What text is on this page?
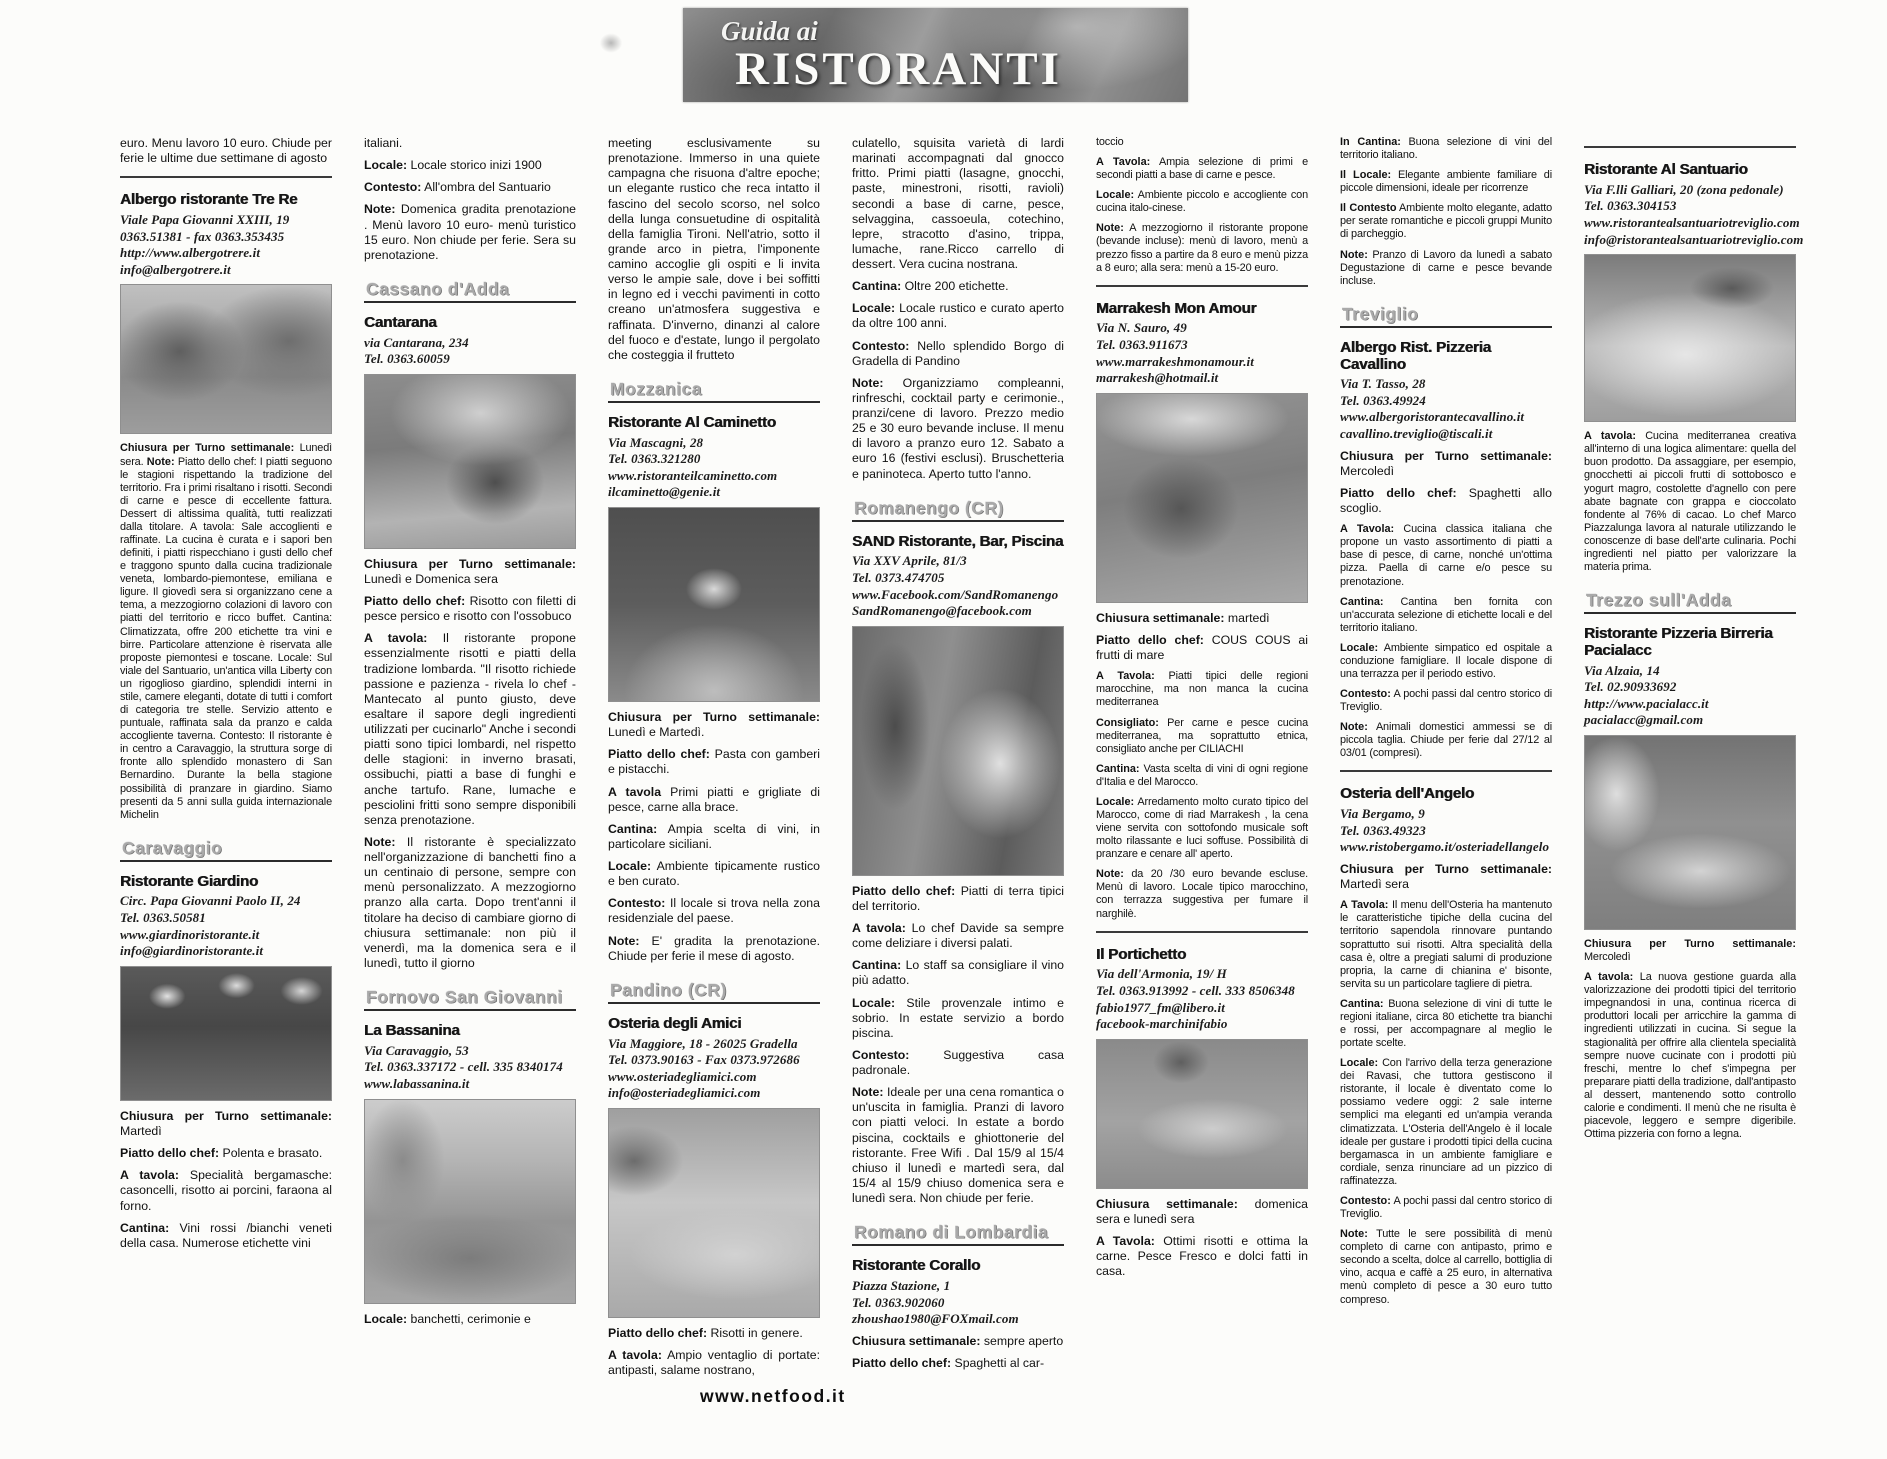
Guida ai
RISTORANTI

euro. Menu lavoro 10 euro. Chiude per ferie le ultime due settimane di agosto

Albergo ristorante Tre Re
Viale Papa Giovanni XXIII, 19
0363.51381 - fax 0363.353435
http://www.albergotrere.it
info@albergotrere.it

Chiusura per Turno settimanale: Lunedì sera. Note: Piatto dello chef: I piatti seguono le stagioni rispettando la tradizione del territorio. Fra i primi risaltano i risotti. Secondi di carne e pesce di eccellente fattura. Dessert di altissima qualità, tutti realizzati dalla titolare. A tavola: Sale accoglienti e raffinate. La cucina è curata e i sapori ben definiti, i piatti rispecchiano i gusti dello chef e traggono spunto dalla cucina tradizionale veneta, lombardo-piemontese, emiliana e ligure. Il giovedì sera si organizzano cene a tema, a mezzogiorno colazioni di lavoro con piatti del territorio e ricco buffet. Cantina: Climatizzata, offre 200 etichette tra vini e birre. Particolare attenzione è riservata alle proposte piemontesi e toscane. Locale: Sul viale del Santuario, un'antica villa Liberty con un rigoglioso giardino, splendidi interni in stile, camere eleganti, dotate di tutti i comfort di categoria tre stelle. Servizio attento e puntuale, raffinata sala da pranzo e calda accogliente taverna. Contesto: Il ristorante è in centro a Caravaggio, la struttura sorge di fronte allo splendido monastero di San Bernardino. Durante la bella stagione possibilità di pranzare in giardino. Siamo presenti da 5 anni sulla guida internazionale Michelin

Caravaggio
Ristorante Giardino
Circ. Papa Giovanni Paolo II, 24
Tel. 0363.50581
www.giardinoristorante.it
info@giardinoristorante.it

Chiusura per Turno settimanale: Martedì

Piatto dello chef: Polenta e brasato.

A tavola: Specialità bergamasche: casoncelli, risotto ai porcini, faraona al forno.

Cantina: Vini rossi /bianchi veneti della casa. Numerose etichette vini

italiani.

Locale: Locale storico inizi 1900

Contesto: All'ombra del Santuario

Note: Domenica gradita prenotazione . Menù lavoro 10 euro- menù turistico 15 euro. Non chiude per ferie. Sera su prenotazione.

Cassano d'Adda
Cantarana
via Cantarana, 234
Tel. 0363.60059

Chiusura per Turno settimanale: Lunedì e Domenica sera

Piatto dello chef: Risotto con filetti di pesce persico e risotto con l'ossobuco

A tavola: Il ristorante propone essenzialmente risotti e piatti della tradizione lombarda. "Il risotto richiede passione e pazienza - rivela lo chef - Mantecato al punto giusto, deve esaltare il sapore degli ingredienti utilizzati per cucinarlo" Anche i secondi piatti sono tipici lombardi, nel rispetto delle stagioni: in inverno brasati, ossibuchi, piatti a base di funghi e anche tartufo. Rane, lumache e pesciolini fritti sono sempre disponibili senza prenotazione.

Note: Il ristorante è specializzato nell'organizzazione di banchetti fino a un centinaio di persone, sempre con menù personalizzato. A mezzogiorno pranzo alla carta. Dopo trent'anni il titolare ha deciso di cambiare giorno di chiusura settimanale: non più il venerdì, ma la domenica sera e il lunedì, tutto il giorno

Fornovo San Giovanni
La Bassanina
Via Caravaggio, 53
Tel. 0363.337172 - cell. 335 8340174
www.labassanina.it

Locale: banchetti, cerimonie e

meeting esclusivamente su prenotazione. Immerso in una quiete campagna che risuona d'altre epoche; un elegante rustico che reca intatto il fascino del secolo scorso, nel solco della lunga consuetudine di ospitalità della famiglia Tironi. Nell'atrio, sotto il grande arco in pietra, l'imponente camino accoglie gli ospiti e li invita verso le ampie sale, dove i bei soffitti in legno ed i vecchi pavimenti in cotto creano un'atmosfera suggestiva e raffinata. D'inverno, dinanzi al calore del fuoco e d'estate, lungo il pergolato che costeggia il frutteto

Mozzanica
Ristorante Al Caminetto
Via Mascagni, 28
Tel. 0363.321280
www.ristoranteilcaminetto.com
ilcaminetto@genie.it

Chiusura per Turno settimanale: Lunedì e Martedì.

Piatto dello chef: Pasta con gamberi e pistacchi.

A tavola Primi piatti e grigliate di pesce, carne alla brace.

Cantina: Ampia scelta di vini, in particolare siciliani.

Locale: Ambiente tipicamente rustico e ben curato.

Contesto: Il locale si trova nella zona residenziale del paese.

Note: E' gradita la prenotazione. Chiude per ferie il mese di agosto.

Pandino (CR)
Osteria degli Amici
Via Maggiore, 18 - 26025 Gradella
Tel. 0373.90163 - Fax 0373.972686
www.osteriadegliamici.com
info@osteriadegliamici.com

Piatto dello chef: Risotti in genere.

A tavola: Ampio ventaglio di portate: antipasti, salame nostrano,

culatello, squisita varietà di lardi marinati accompagnati dal gnocco fritto. Primi piatti (lasagne, gnocchi, paste, minestroni, risotti, ravioli) secondi a base di carne, pesce, selvaggina, cassoeula, cotechino, lepre, stracotto d'asino, trippa, lumache, rane.Ricco carrello di dessert. Vera cucina nostrana.

Cantina: Oltre 200 etichette.

Locale: Locale rustico e curato aperto da oltre 100 anni.

Contesto: Nello splendido Borgo di Gradella di Pandino

Note: Organizziamo compleanni, rinfreschi, cocktail party e cerimonie., pranzi/cene di lavoro. Prezzo medio 25 e 30 euro bevande incluse. Il menu di lavoro a pranzo euro 12. Sabato a euro 16 (festivi esclusi). Bruschetteria e paninoteca. Aperto tutto l'anno.

Romanengo (CR)
SAND Ristorante, Bar, Piscina
Via XXV Aprile, 81/3
Tel. 0373.474705
www.Facebook.com/SandRomanengo
SandRomanengo@facebook.com

Piatto dello chef: Piatti di terra tipici del territorio.

A tavola: Lo chef Davide sa sempre come deliziare i diversi palati.

Cantina: Lo staff sa consigliare il vino più adatto.

Locale: Stile provenzale intimo e sobrio. In estate servizio a bordo piscina.

Contesto: Suggestiva casa padronale.

Note: Ideale per una cena romantica o un'uscita in famiglia. Pranzi di lavoro con piatti veloci. In estate a bordo piscina, cocktails e ghiottonerie del ristorante. Free Wifi . Dal 15/9 al 15/4 chiuso il lunedì e martedì sera, dal 15/4 al 15/9 chiuso domenica sera e lunedì sera. Non chiude per ferie.

Romano di Lombardia
Ristorante Corallo
Piazza Stazione, 1
Tel. 0363.902060
zhoushao1980@FOXmail.com

Chiusura settimanale: sempre aperto

Piatto dello chef: Spaghetti al car-

toccio

A Tavola: Ampia selezione di primi e secondi piatti a base di carne e pesce.

Locale: Ambiente piccolo e accogliente con cucina italo-cinese.

Note: A mezzogiorno il ristorante propone (bevande incluse): menù di lavoro, menù a prezzo fisso a partire da 8 euro e menù pizza a 8 euro; alla sera: menù a 15-20 euro.

Marrakesh Mon Amour
Via N. Sauro, 49
Tel. 0363.911673
www.marrakeshmonamour.it
marrakesh@hotmail.it

Chiusura settimanale: martedì

Piatto dello chef: COUS COUS ai frutti di mare

A Tavola: Piatti tipici delle regioni marocchine, ma non manca la cucina mediterranea

Consigliato: Per carne e pesce cucina mediterranea, ma soprattutto etnica, consigliato anche per CILIACHI

Cantina: Vasta scelta di vini di ogni regione d'Italia e del Marocco.

Locale: Arredamento molto curato tipico del Marocco, come di riad Marrakesh , la cena viene servita con sottofondo musicale soft molto rilassante e luci soffuse. Possibilità di pranzare e cenare all' aperto.

Note: da 20 /30 euro bevande escluse. Menù di lavoro. Locale tipico marocchino, con terrazza suggestiva per fumare il narghilè.

Il Portichetto
Via dell'Armonia, 19/ H
Tel. 0363.913992 - cell. 333 8506348
fabio1977_fm@libero.it
facebook-marchinifabio

Chiusura settimanale: domenica sera e lunedì sera

A Tavola: Ottimi risotti e ottima la carne. Pesce Fresco e dolci fatti in casa.

In Cantina: Buona selezione di vini del territorio italiano.

Il Locale: Elegante ambiente familiare di piccole dimensioni, ideale per ricorrenze

Il Contesto Ambiente molto elegante, adatto per serate romantiche e piccoli gruppi Munito di parcheggio.

Note: Pranzo di Lavoro da lunedì a sabato Degustazione di carne e pesce bevande incluse.

Treviglio
Albergo Rist. Pizzeria Cavallino
Via T. Tasso, 28
Tel. 0363.49924
www.albergoristorantecavallino.it
cavallino.treviglio@tiscali.it

Chiusura per Turno settimanale: Mercoledì

Piatto dello chef: Spaghetti allo scoglio.

A Tavola: Cucina classica italiana che propone un vasto assortimento di piatti a base di pesce, di carne, nonché un'ottima pizza. Paella di carne e/o pesce su prenotazione.

Cantina: Cantina ben fornita con un'accurata selezione di etichette locali e del territorio italiano.

Locale: Ambiente simpatico ed ospitale a conduzione famigliare. Il locale dispone di una terrazza per il periodo estivo.

Contesto: A pochi passi dal centro storico di Treviglio.

Note: Animali domestici ammessi se di piccola taglia. Chiude per ferie dal 27/12 al 03/01 (compresi).

Osteria dell'Angelo
Via Bergamo, 9
Tel. 0363.49323
www.ristobergamo.it/osteriadellangelo

Chiusura per Turno settimanale: Martedì sera

A Tavola: Il menu dell'Osteria ha mantenuto le caratteristiche tipiche della cucina del territorio sapendola rinnovare puntando soprattutto sui risotti. Altra specialità della casa è, oltre a pregiati salumi di produzione propria, la carne di chianina e' bisonte, servita su un particolare tagliere di pietra.

Cantina: Buona selezione di vini di tutte le regioni italiane, circa 80 etichette tra bianchi e rossi, per accompagnare al meglio le portate scelte.

Locale: Con l'arrivo della terza generazione dei Ravasi, che tuttora gestiscono il ristorante, il locale è diventato come lo possiamo vedere oggi: 2 sale interne semplici ma eleganti ed un'ampia veranda climatizzata. L'Osteria dell'Angelo è il locale ideale per gustare i prodotti tipici della cucina bergamasca in un ambiente famigliare e cordiale, senza rinunciare ad un pizzico di raffinatezza.

Contesto: A pochi passi dal centro storico di Treviglio.

Note: Tutte le sere possibilità di menù completo di carne con antipasto, primo e secondo a scelta, dolce al carrello, bottiglia di vino, acqua e caffè a 25 euro, in alternativa menù completo di pesce a 30 euro tutto compreso.

Ristorante Al Santuario
Via F.lli Galliari, 20 (zona pedonale)
Tel. 0363.304153
www.ristorantealsantuariotreviglio.com
info@ristorantealsantuariotreviglio.com

A tavola: Cucina mediterranea creativa all'interno di una logica alimentare: quella del buon prodotto. Da assaggiare, per esempio, gnocchetti ai piccoli frutti di sottobosco e yogurt magro, costolette d'agnello con pere abate bagnate con grappa e cioccolato fondente al 76% di cacao. Lo chef Marco Piazzalunga lavora al naturale utilizzando le conoscenze di base dell'arte culinaria. Pochi ingredienti nel piatto per valorizzare la materia prima.

Trezzo sull'Adda
Ristorante Pizzeria Birreria Pacialacc
Via Alzaia, 14
Tel. 02.90933692
http://www.pacialacc.it
pacialacc@gmail.com

Chiusura per Turno settimanale: Mercoledì

A tavola: La nuova gestione guarda alla valorizzazione dei prodotti tipici del territorio impegnandosi in una, continua ricerca di produttori locali per arricchire la gamma di ingredienti utilizzati in cucina. Si segue la stagionalità per offrire alla clientela specialità sempre nuove cucinate con i prodotti più freschi, mentre lo chef s'impegna per preparare piatti della tradizione, dall'antipasto al dessert, mantenendo sotto controllo calorie e condimenti. Il menù che ne risulta è piacevole, leggero e sempre digeribile. Ottima pizzeria con forno a legna.

www.netfood.it
